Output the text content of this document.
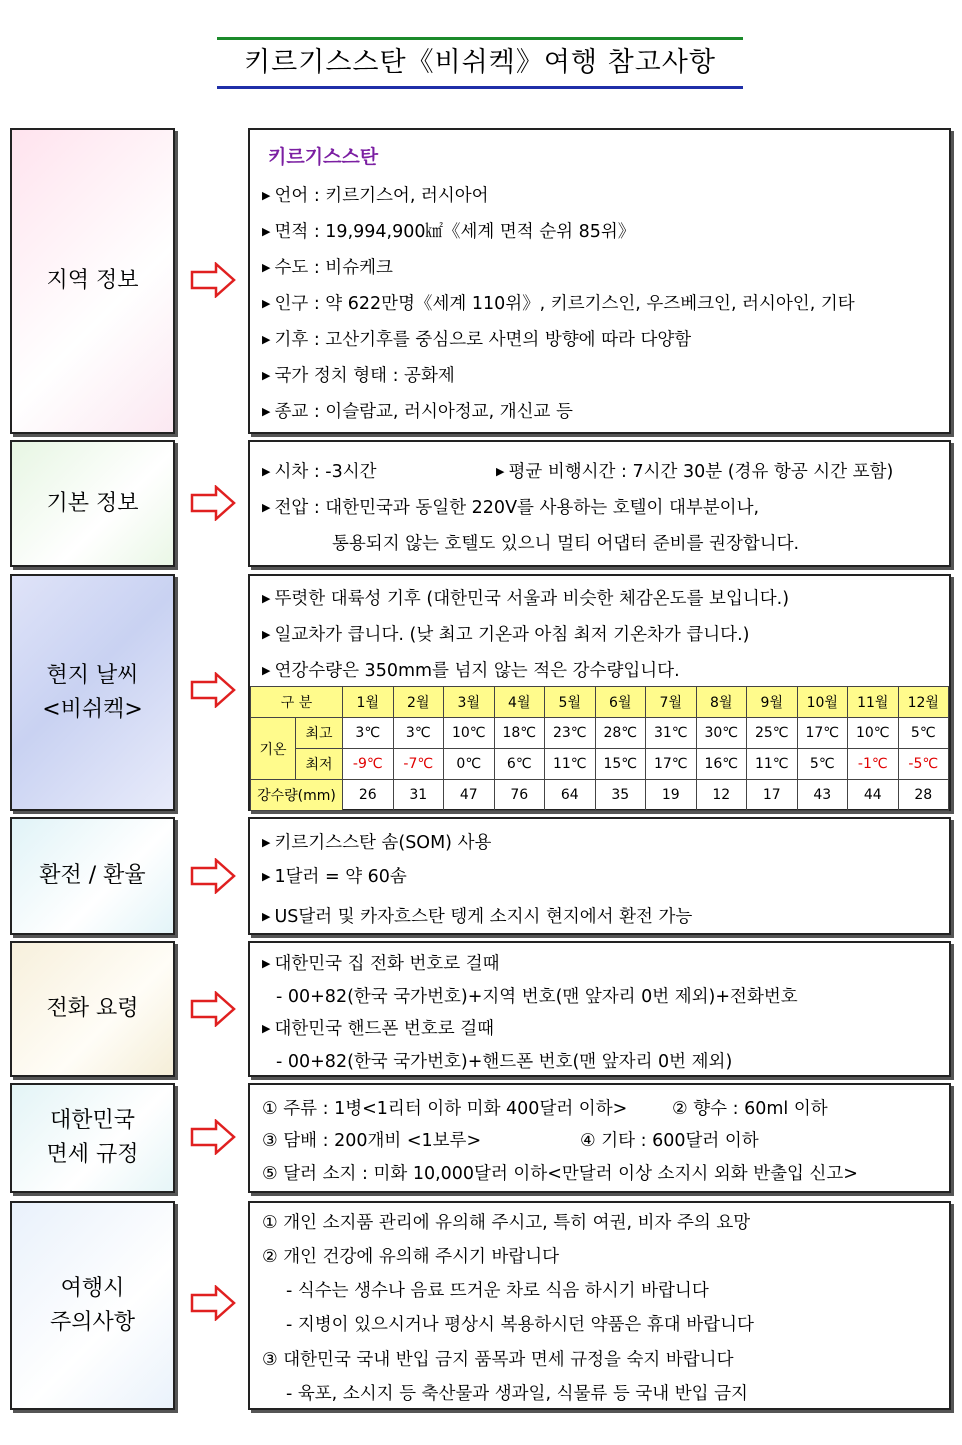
키르기스스탄《비쉬켁》여행 참고사항
지역 정보
키르기스스탄
▶ 언어 : 키르기스어, 러시아어
▶ 면적 : 19,994,900㎢《세계 면적 순위 85위》
▶ 수도 : 비슈케크
▶ 인구 : 약 622만명《세계 110위》, 키르기스인, 우즈베크인, 러시아인, 기타
▶ 기후 : 고산기후를 중심으로 사면의 방향에 따라 다양함
▶ 국가 정치 형태 : 공화제
▶ 종교 : 이슬람교, 러시아정교, 개신교 등
기본 정보
▶ 시차 : -3시간	▶ 평균 비행시간 : 7시간 30분 (경유 항공 시간 포함)
▶ 전압 : 대한민국과 동일한 220V를 사용하는 호텔이 대부분이나,
통용되지 않는 호텔도 있으니 멀티 어댑터 준비를 권장합니다.
현지 날씨
<비쉬켁>
▶ 뚜렷한 대륙성 기후 (대한민국 서울과 비슷한 체감온도를 보입니다.)
▶ 일교차가 큽니다. (낮 최고 기온과 아침 최저 기온차가 큽니다.)
▶ 연강수량은 350mm를 넘지 않는 적은 강수량입니다.
구 분		1월	2월	3월	4월	5월	6월	7월	8월	9월	10월	11월	12월
기온	최고	3℃	3℃	10℃	18℃	23℃	28℃	31℃	30℃	25℃	17℃	10℃	5℃
	최저	-9℃	-7℃	0℃	6℃	11℃	15℃	17℃	16℃	11℃	5℃	-1℃	-5℃
강수량(mm)		26	31	47	76	64	35	19	12	17	43	44	28
환전 / 환율
▶ 키르기스스탄 솜(SOM) 사용
▶ 1달러 = 약 60솜
▶ US달러 및 카자흐스탄 텡게 소지시 현지에서 환전 가능
전화 요령
▶ 대한민국 집 전화 번호로 걸때
- 00+82(한국 국가번호)+지역 번호(맨 앞자리 0번 제외)+전화번호
▶ 대한민국 핸드폰 번호로 걸때
- 00+82(한국 국가번호)+핸드폰 번호(맨 앞자리 0번 제외)
대한민국
면세 규정
① 주류 : 1병<1리터 이하 미화 400달러 이하>	② 향수 : 60ml 이하
③ 담배 : 200개비 <1보루>	④ 기타 : 600달러 이하
⑤ 달러 소지 : 미화 10,000달러 이하<만달러 이상 소지시 외화 반출입 신고>
여행시
주의사항
① 개인 소지품 관리에 유의해 주시고, 특히 여권, 비자 주의 요망
② 개인 건강에 유의해 주시기 바랍니다
- 식수는 생수나 음료 뜨거운 차로 식음 하시기 바랍니다
- 지병이 있으시거나 평상시 복용하시던 약품은 휴대 바랍니다
③ 대한민국 국내 반입 금지 품목과 면세 규정을 숙지 바랍니다
- 육포, 소시지 등 축산물과 생과일, 식물류 등 국내 반입 금지
